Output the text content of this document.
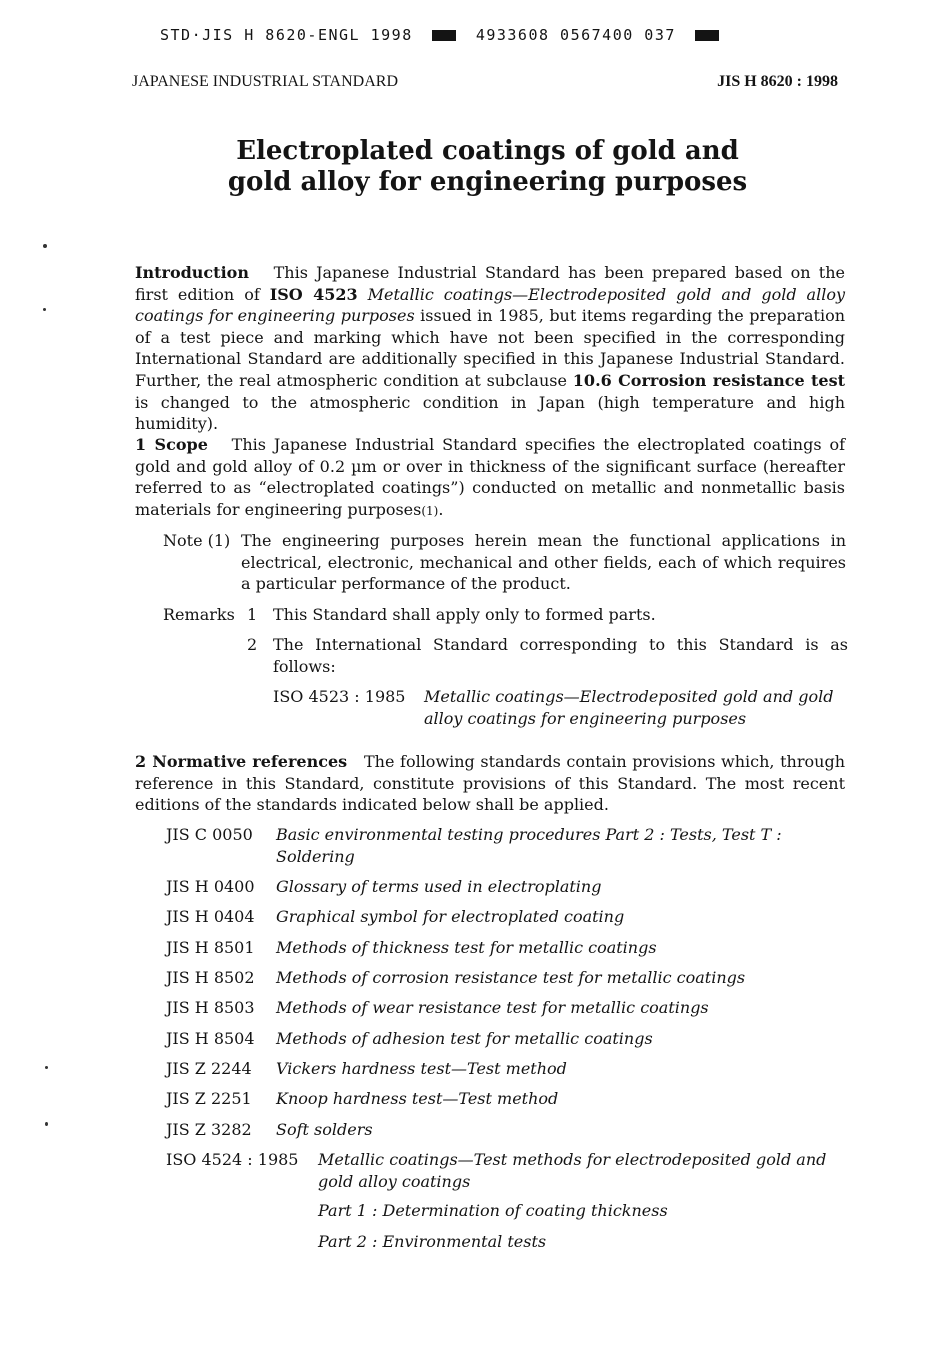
STD·JIS H 8620-ENGL 1998	4933608 0567400 037
JAPANESE INDUSTRIAL STANDARD	JIS H 8620 : 1998
Electroplated coatings of gold and
gold alloy for engineering purposes

Introduction This Japanese Industrial Standard has been prepared based on the first edition of ISO 4523 Metallic coatings—Electrodeposited gold and gold alloy coatings for engineering purposes issued in 1985, but items regarding the preparation of a test piece and marking which have not been specified in the corresponding International Standard are additionally specified in this Japanese Industrial Standard. Further, the real atmospheric condition at subclause 10.6 Corrosion resistance test is changed to the atmospheric condition in Japan (high temperature and high humidity).

1 Scope This Japanese Industrial Standard specifies the electroplated coatings of gold and gold alloy of 0.2 µm or over in thickness of the significant surface (hereafter referred to as “electroplated coatings”) conducted on metallic and nonmetallic basis materials for engineering purposes(1).

Note (1) The engineering purposes herein mean the functional applications in electrical, electronic, mechanical and other fields, each of which requires a particular performance of the product.

Remarks 1 This Standard shall apply only to formed parts.

2 The International Standard corresponding to this Standard is as follows:

ISO 4523 : 1985 Metallic coatings—Electrodeposited gold and gold alloy coatings for engineering purposes

2 Normative references The following standards contain provisions which, through reference in this Standard, constitute provisions of this Standard. The most recent editions of the standards indicated below shall be applied.

JIS C 0050	Basic environmental testing procedures Part 2 : Tests, Test T : Soldering
JIS H 0400	Glossary of terms used in electroplating
JIS H 0404	Graphical symbol for electroplated coating
JIS H 8501	Methods of thickness test for metallic coatings
JIS H 8502	Methods of corrosion resistance test for metallic coatings
JIS H 8503	Methods of wear resistance test for metallic coatings
JIS H 8504	Methods of adhesion test for metallic coatings
JIS Z 2244	Vickers hardness test—Test method
JIS Z 2251	Knoop hardness test—Test method
JIS Z 3282	Soft solders
ISO 4524 : 1985 Metallic coatings—Test methods for electrodeposited gold and gold alloy coatings

Part 1 : Determination of coating thickness
Part 2 : Environmental tests
